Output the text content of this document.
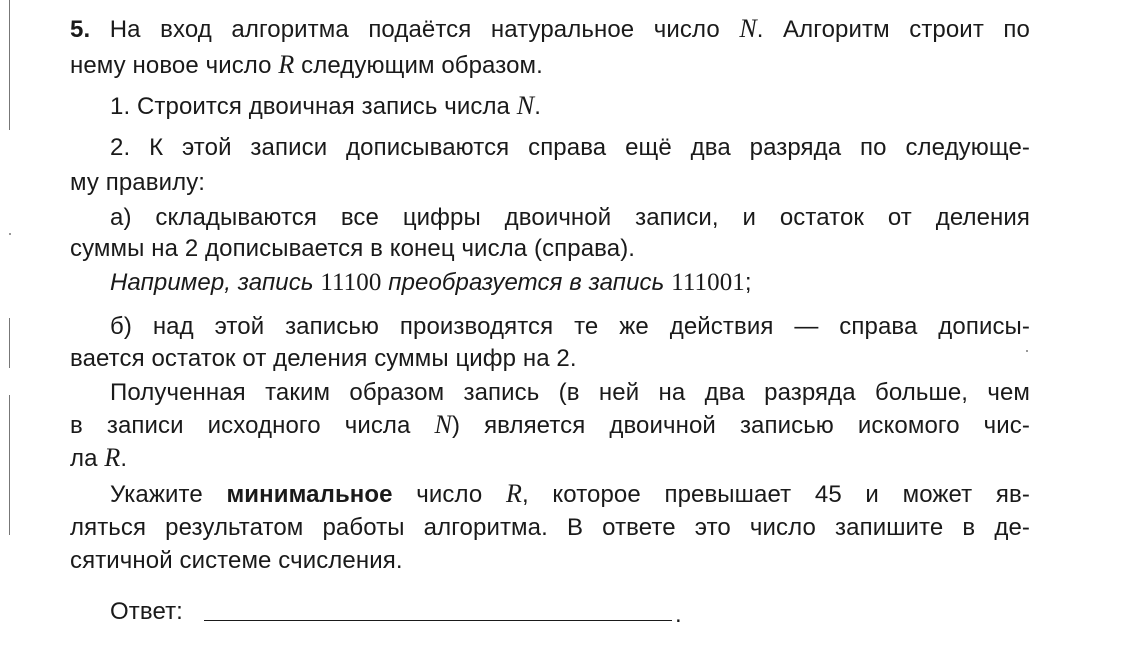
5. На вход алгоритма подаётся натуральное число N. Алгоритм строит по
нему новое число R следующим образом.
1. Строится двоичная запись числа N.
2. К этой записи дописываются справа ещё два разряда по следующе-
му правилу:
а) складываются все цифры двоичной записи, и остаток от деления
суммы на 2 дописывается в конец числа (справа).
Например, запись 11100 преобразуется в запись 111001;
б) над этой записью производятся те же действия — справа дописы-
вается остаток от деления суммы цифр на 2.
Полученная таким образом запись (в ней на два разряда больше, чем
в записи исходного числа N) является двоичной записью искомого чис-
ла R.
Укажите минимальное число R, которое превышает 45 и может яв-
ляться результатом работы алгоритма. В ответе это число запишите в де-
сятичной системе счисления.
Ответ:	.
